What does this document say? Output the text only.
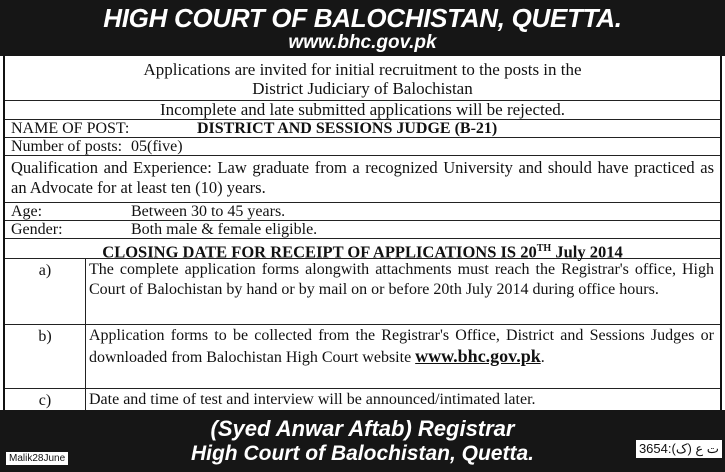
HIGH COURT OF BALOCHISTAN, QUETTA.
www.bhc.gov.pk
Applications are invited for initial recruitment to the posts in the
District Judiciary of Balochistan
Incomplete and late submitted applications will be rejected.
NAME OF POST:	DISTRICT AND SESSIONS JUDGE (B-21)
Number of posts: 05(five)
Qualification and Experience: Law graduate from a recognized University and should have practiced as an Advocate for at least ten (10) years.
Age:	Between 30 to 45 years.
Gender:	Both male & female eligible.
CLOSING DATE FOR RECEIPT OF APPLICATIONS IS 20TH July 2014
a)	The complete application forms alongwith attachments must reach the Registrar's office, High Court of Balochistan by hand or by mail on or before 20th July 2014 during office hours.
b)	Application forms to be collected from the Registrar's Office, District and Sessions Judges or downloaded from Balochistan High Court website www.bhc.gov.pk.
c)	Date and time of test and interview will be announced/intimated later.
(Syed Anwar Aftab) Registrar
High Court of Balochistan, Quetta.
Malik28June
3654:(ت ع (ک
